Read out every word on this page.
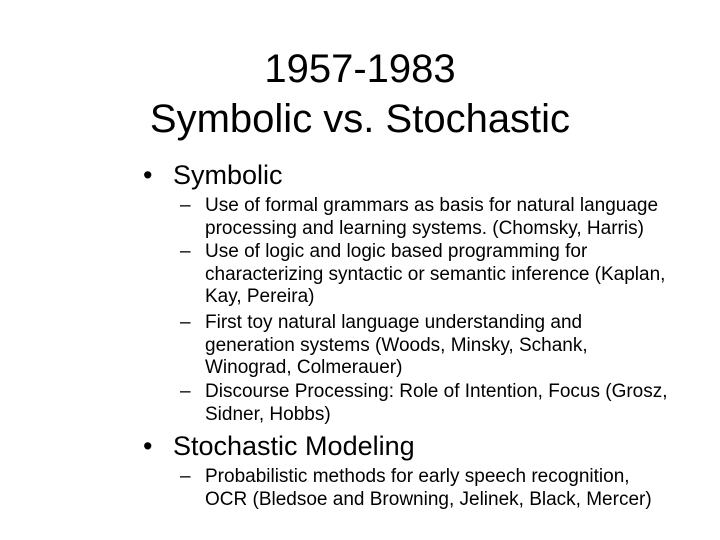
1957-1983
Symbolic vs. Stochastic
• Symbolic
– Use of formal grammars as basis for natural language
processing and learning systems. (Chomsky, Harris)
– Use of logic and logic based programming for
characterizing syntactic or semantic inference (Kaplan,
Kay, Pereira)
– First toy natural language understanding and
generation systems (Woods, Minsky, Schank,
Winograd, Colmerauer)
– Discourse Processing: Role of Intention, Focus (Grosz,
Sidner, Hobbs)
• Stochastic Modeling
– Probabilistic methods for early speech recognition,
OCR (Bledsoe and Browning, Jelinek, Black, Mercer)
